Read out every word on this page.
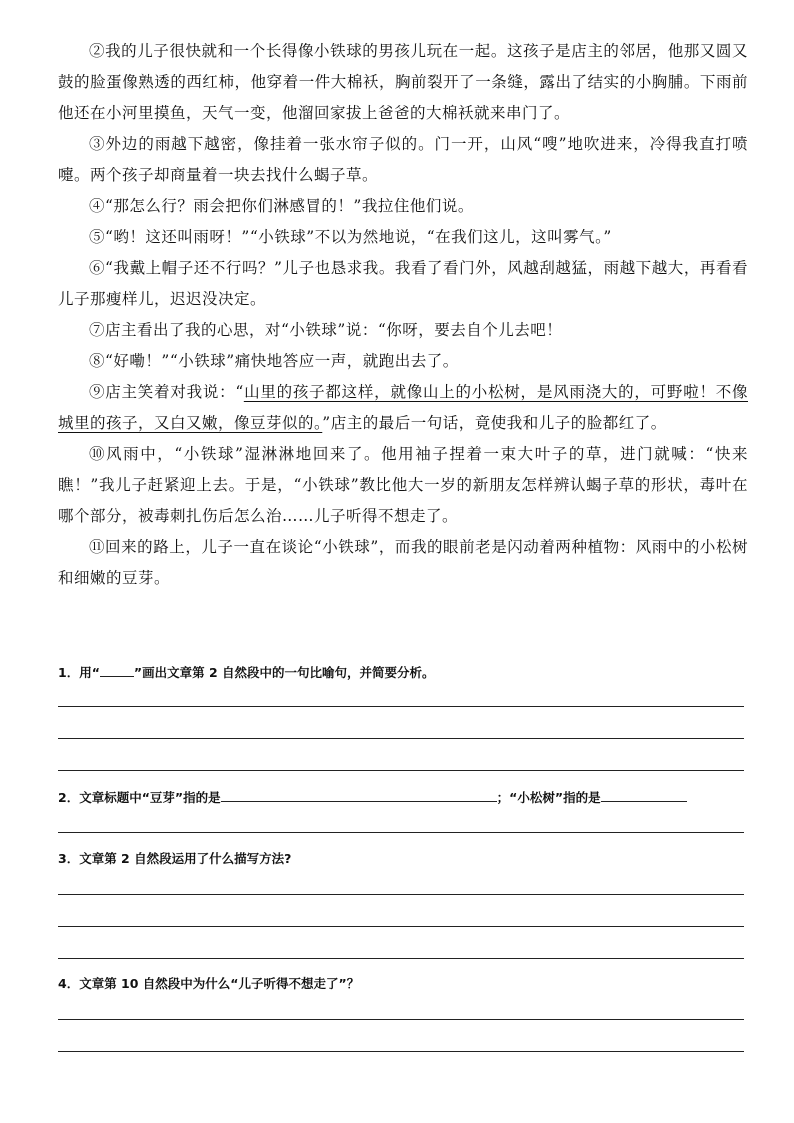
②我的儿子很快就和一个长得像小铁球的男孩儿玩在一起。这孩子是店主的邻居，他那又圆又鼓的脸蛋像熟透的西红柿，他穿着一件大棉袄，胸前裂开了一条缝，露出了结实的小胸脯。下雨前他还在小河里摸鱼，天气一变，他溜回家拔上爸爸的大棉袄就来串门了。

③外边的雨越下越密，像挂着一张水帘子似的。门一开，山风“嗖”地吹进来，冷得我直打喷嚏。两个孩子却商量着一块去找什么蝎子草。

④“那怎么行？雨会把你们淋感冒的！”我拉住他们说。

⑤“哟！这还叫雨呀！”“小铁球”不以为然地说，“在我们这儿，这叫雾气。”

⑥“我戴上帽子还不行吗？”儿子也恳求我。我看了看门外，风越刮越猛，雨越下越大，再看看儿子那瘦样儿，迟迟没决定。

⑦店主看出了我的心思，对“小铁球”说：“你呀，要去自个儿去吧！

⑧“好嘞！”“小铁球”痛快地答应一声，就跑出去了。

⑨店主笑着对我说：“山里的孩子都这样，就像山上的小松树，是风雨浇大的，可野啦！不像城里的孩子，又白又嫩，像豆芽似的。”店主的最后一句话，竟使我和儿子的脸都红了。

⑩风雨中，“小铁球”湿淋淋地回来了。他用袖子捏着一束大叶子的草，进门就喊：“快来瞧！”我儿子赶紧迎上去。于是，“小铁球”教比他大一岁的新朋友怎样辨认蝎子草的形状，毒叶在哪个部分，被毒刺扎伤后怎么治……儿子听得不想走了。

⑪回来的路上，儿子一直在谈论“小铁球”，而我的眼前老是闪动着两种植物：风雨中的小松树和细嫩的豆芽。

1．用“	”画出文章第 2 自然段中的一句比喻句，并简要分析。
2．文章标题中“豆芽”指的是	；“小松树”指的是
3．文章第 2 自然段运用了什么描写方法?
4．文章第 10 自然段中为什么“儿子听得不想走了”？
